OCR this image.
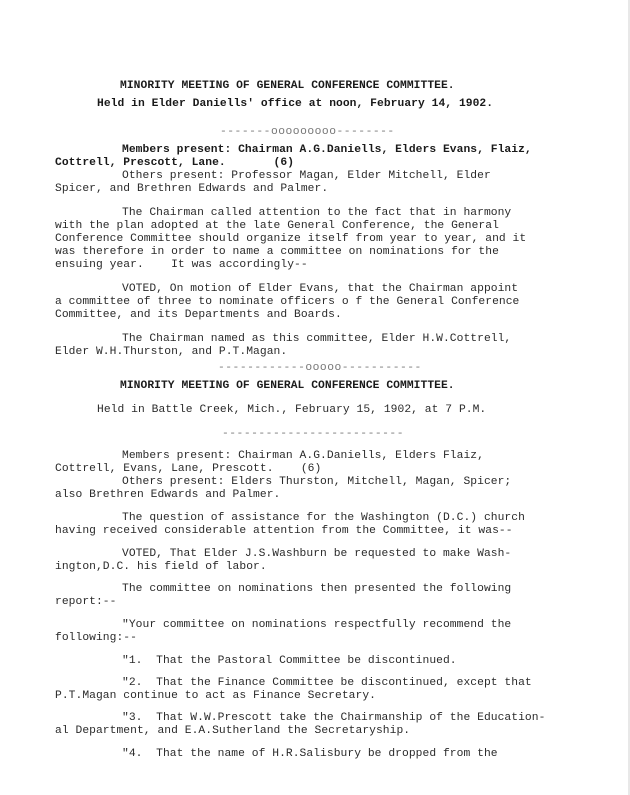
MINORITY MEETING OF GENERAL CONFERENCE COMMITTEE.
Held in Elder Daniells' office at noon, February 14, 1902.
-------ooooooooo--------
Members present: Chairman A.G.Daniells, Elders Evans, Flaiz,
Cottrell, Prescott, Lane.       (6)
Others present: Professor Magan, Elder Mitchell, Elder
Spicer, and Brethren Edwards and Palmer.
The Chairman called attention to the fact that in harmony
with the plan adopted at the late General Conference, the General
Conference Committee should organize itself from year to year, and it
was therefore in order to name a committee on nominations for the
ensuing year.    It was accordingly--
VOTED, On motion of Elder Evans, that the Chairman appoint
a committee of three to nominate officers o f the General Conference
Committee, and its Departments and Boards.
The Chairman named as this committee, Elder H.W.Cottrell,
Elder W.H.Thurston, and P.T.Magan.
------------ooooo-----------
MINORITY MEETING OF GENERAL CONFERENCE COMMITTEE.
Held in Battle Creek, Mich., February 15, 1902, at 7 P.M.
-------------------------
Members present: Chairman A.G.Daniells, Elders Flaiz,
Cottrell, Evans, Lane, Prescott.    (6)
Others present: Elders Thurston, Mitchell, Magan, Spicer;
also Brethren Edwards and Palmer.
The question of assistance for the Washington (D.C.) church
having received considerable attention from the Committee, it was--
VOTED, That Elder J.S.Washburn be requested to make Wash-
ington,D.C. his field of labor.
The committee on nominations then presented the following
report:--
"Your committee on nominations respectfully recommend the
following:--
"1.  That the Pastoral Committee be discontinued.
"2.  That the Finance Committee be discontinued, except that
P.T.Magan continue to act as Finance Secretary.
"3.  That W.W.Prescott take the Chairmanship of the Education-
al Department, and E.A.Sutherland the Secretaryship.
"4.  That the name of H.R.Salisbury be dropped from the
